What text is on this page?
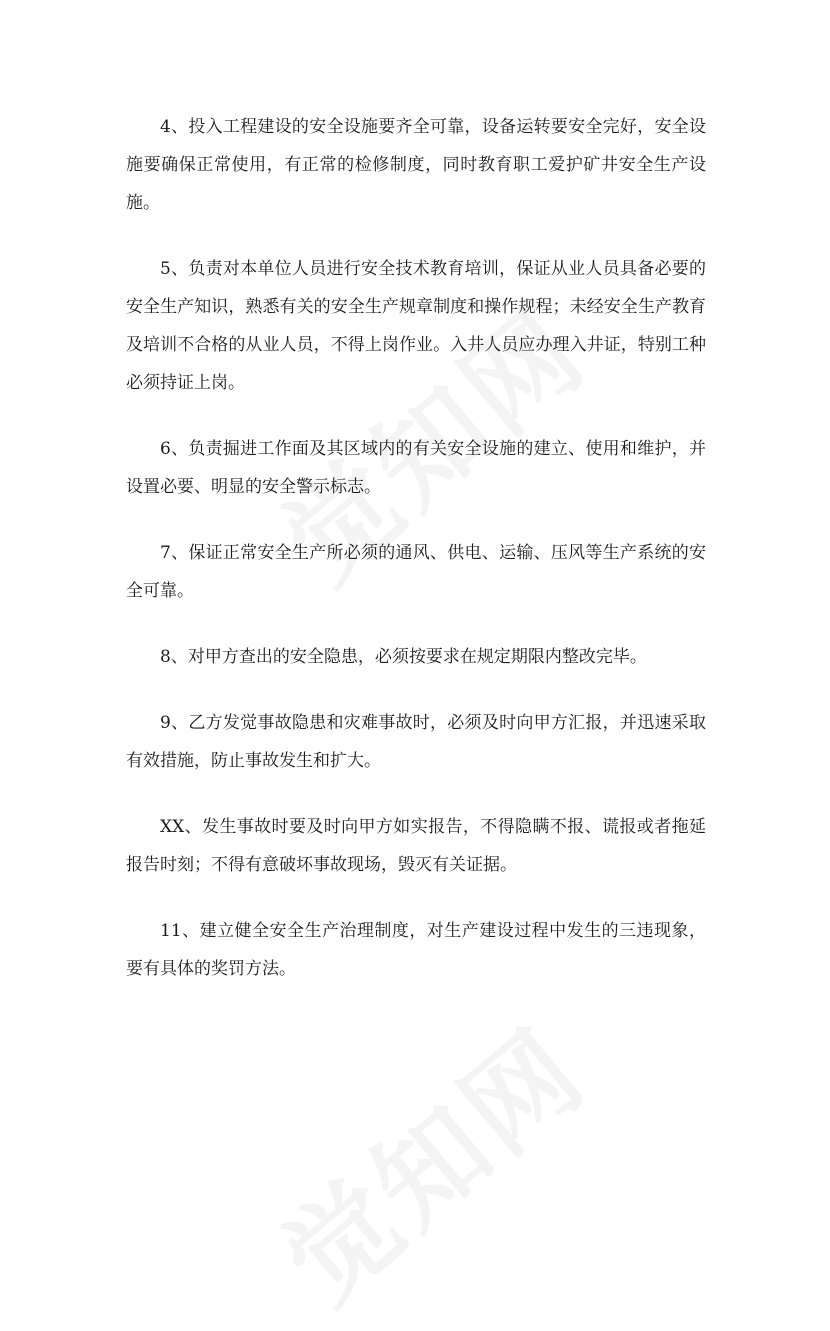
4、投入工程建设的安全设施要齐全可靠，设备运转要安全完好，安全设施要确保正常使用，有正常的检修制度，同时教育职工爱护矿井安全生产设施。

5、负责对本单位人员进行安全技术教育培训，保证从业人员具备必要的安全生产知识，熟悉有关的安全生产规章制度和操作规程；未经安全生产教育及培训不合格的从业人员，不得上岗作业。入井人员应办理入井证，特别工种必须持证上岗。

6、负责掘进工作面及其区域内的有关安全设施的建立、使用和维护，并设置必要、明显的安全警示标志。

7、保证正常安全生产所必须的通风、供电、运输、压风等生产系统的安全可靠。

8、对甲方查出的安全隐患，必须按要求在规定期限内整改完毕。

9、乙方发觉事故隐患和灾难事故时，必须及时向甲方汇报，并迅速采取有效措施，防止事故发生和扩大。

XX、发生事故时要及时向甲方如实报告，不得隐瞒不报、谎报或者拖延报告时刻；不得有意破坏事故现场，毁灭有关证据。

11、建立健全安全生产治理制度，对生产建设过程中发生的三违现象，要有具体的奖罚方法。
